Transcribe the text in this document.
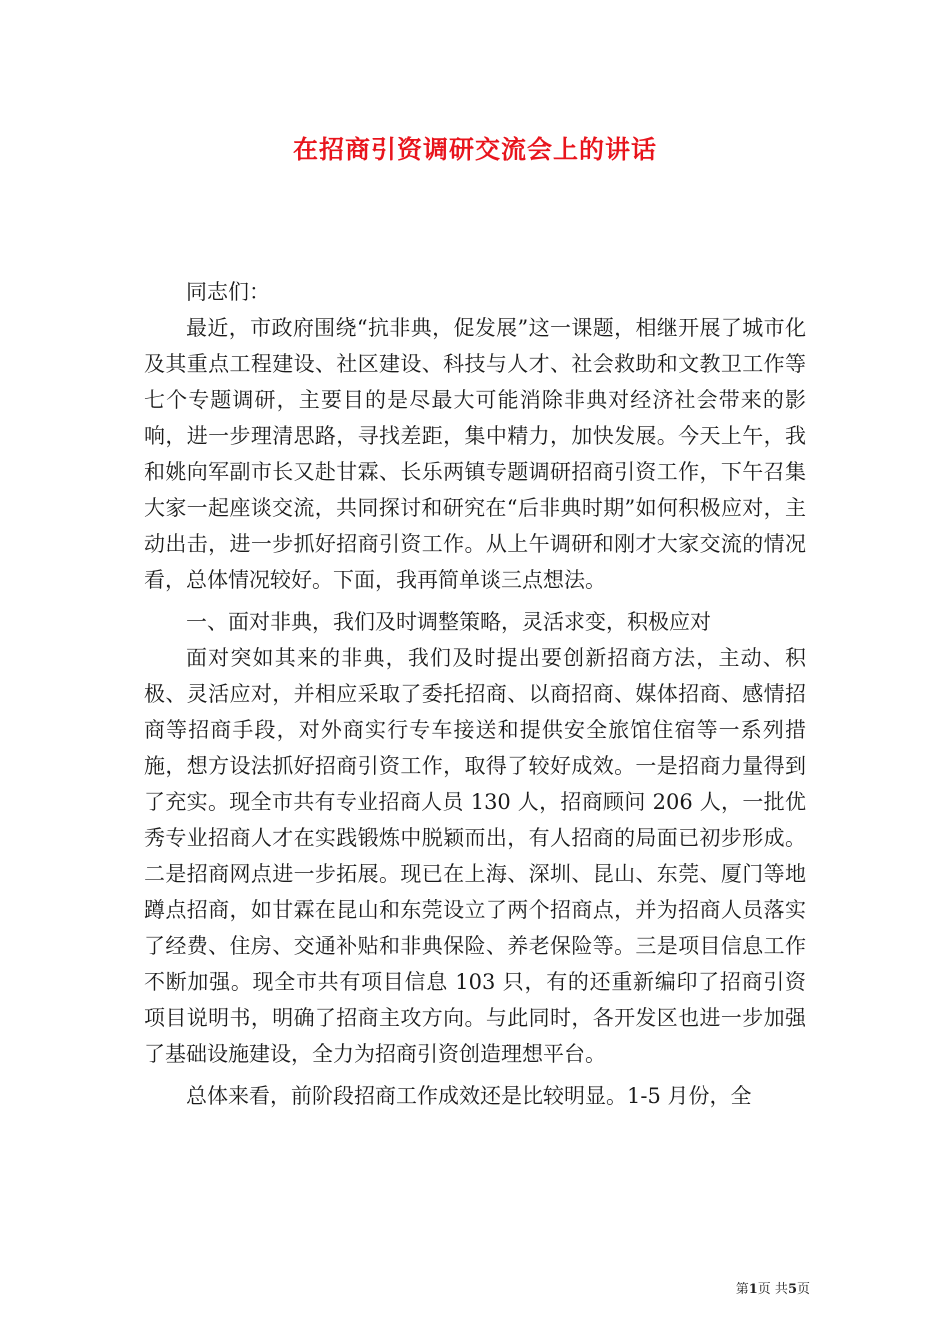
在招商引资调研交流会上的讲话

同志们：

最近，市政府围绕“抗非典，促发展”这一课题，相继开展了城市化及其重点工程建设、社区建设、科技与人才、社会救助和文教卫工作等七个专题调研，主要目的是尽最大可能消除非典对经济社会带来的影响，进一步理清思路，寻找差距，集中精力，加快发展。今天上午，我和姚向军副市长又赴甘霖、长乐两镇专题调研招商引资工作，下午召集大家一起座谈交流，共同探讨和研究在“后非典时期”如何积极应对，主动出击，进一步抓好招商引资工作。从上午调研和刚才大家交流的情况看，总体情况较好。下面，我再简单谈三点想法。

一、面对非典，我们及时调整策略，灵活求变，积极应对

面对突如其来的非典，我们及时提出要创新招商方法，主动、积极、灵活应对，并相应采取了委托招商、以商招商、媒体招商、感情招商等招商手段，对外商实行专车接送和提供安全旅馆住宿等一系列措施，想方设法抓好招商引资工作，取得了较好成效。一是招商力量得到了充实。现全市共有专业招商人员 130 人，招商顾问 206 人，一批优秀专业招商人才在实践锻炼中脱颖而出，有人招商的局面已初步形成。二是招商网点进一步拓展。现已在上海、深圳、昆山、东莞、厦门等地蹲点招商，如甘霖在昆山和东莞设立了两个招商点，并为招商人员落实了经费、住房、交通补贴和非典保险、养老保险等。三是项目信息工作不断加强。现全市共有项目信息 103 只，有的还重新编印了招商引资项目说明书，明确了招商主攻方向。与此同时，各开发区也进一步加强了基础设施建设，全力为招商引资创造理想平台。

总体来看，前阶段招商工作成效还是比较明显。1-5 月份，全

第1页 共5页
